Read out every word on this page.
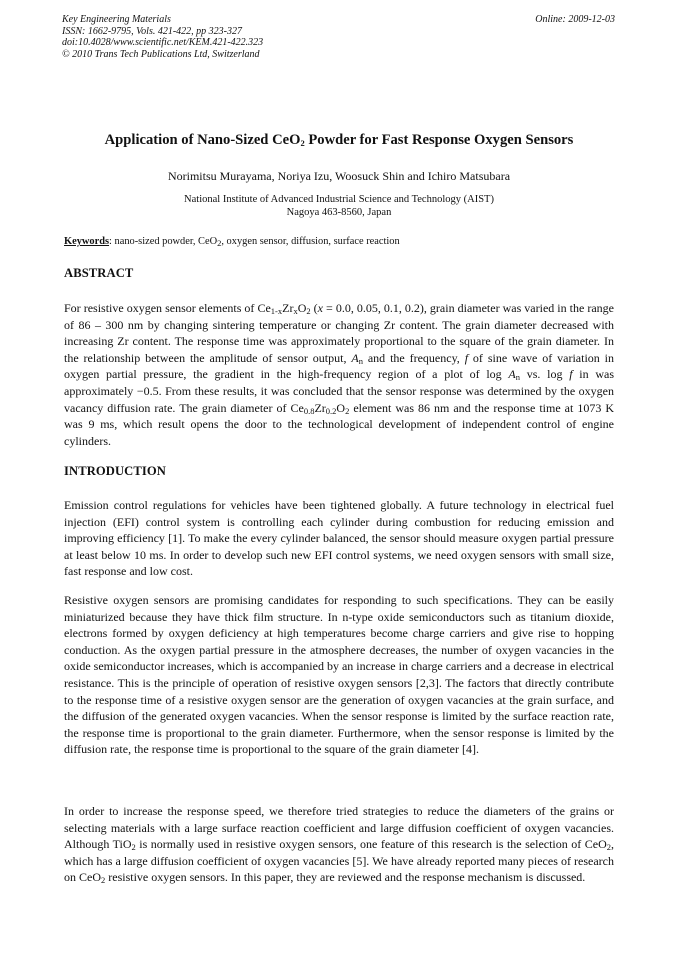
Key Engineering Materials
ISSN: 1662-9795, Vols. 421-422, pp 323-327
doi:10.4028/www.scientific.net/KEM.421-422.323
© 2010 Trans Tech Publications Ltd, Switzerland
Online: 2009-12-03
Application of Nano-Sized CeO$_2$ Powder for Fast Response Oxygen Sensors
Norimitsu Murayama, Noriya Izu, Woosuck Shin and Ichiro Matsubara
National Institute of Advanced Industrial Science and Technology (AIST)
Nagoya 463-8560, Japan
Keywords: nano-sized powder, CeO$_2$, oxygen sensor, diffusion, surface reaction
ABSTRACT

For resistive oxygen sensor elements of $Ce_{1-x}Zr_xO_2$ (x = 0.0, 0.05, 0.1, 0.2), grain diameter was varied in the range of 86 – 300 nm by changing sintering temperature or changing Zr content. The grain diameter decreased with increasing Zr content. The response time was approximately proportional to the square of the grain diameter. In the relationship between the amplitude of sensor output, $A_n$ and the frequency, f of sine wave of variation in oxygen partial pressure, the gradient in the high-frequency region of a plot of $\log A_n$ vs. log f in was approximately −0.5. From these results, it was concluded that the sensor response was determined by the oxygen vacancy diffusion rate. The grain diameter of $Ce_{0.8}Zr_{0.2}O_2$ element was 86 nm and the response time at 1073 K was 9 ms, which result opens the door to the technological development of independent control of engine cylinders.

INTRODUCTION

Emission control regulations for vehicles have been tightened globally. A future technology in electrical fuel injection (EFI) control system is controlling each cylinder during combustion for reducing emission and improving efficiency [1]. To make the every cylinder balanced, the sensor should measure oxygen partial pressure at least below 10 ms. In order to develop such new EFI control systems, we need oxygen sensors with small size, fast response and low cost.

Resistive oxygen sensors are promising candidates for responding to such specifications. They can be easily miniaturized because they have thick film structure. In n-type oxide semiconductors such as titanium dioxide, electrons formed by oxygen deficiency at high temperatures become charge carriers and give rise to hopping conduction. As the oxygen partial pressure in the atmosphere decreases, the number of oxygen vacancies in the oxide semiconductor increases, which is accompanied by an increase in charge carriers and a decrease in electrical resistance. This is the principle of operation of resistive oxygen sensors [2,3]. The factors that directly contribute to the response time of a resistive oxygen sensor are the generation of oxygen vacancies at the grain surface, and the diffusion of the generated oxygen vacancies. When the sensor response is limited by the surface reaction rate, the response time is proportional to the grain diameter. Furthermore, when the sensor response is limited by the diffusion rate, the response time is proportional to the square of the grain diameter [4].

In order to increase the response speed, we therefore tried strategies to reduce the diameters of the grains or selecting materials with a large surface reaction coefficient and large diffusion coefficient of oxygen vacancies. Although TiO$_2$ is normally used in resistive oxygen sensors, one feature of this research is the selection of CeO$_2$, which has a large diffusion coefficient of oxygen vacancies [5]. We have already reported many pieces of research on CeO$_2$ resistive oxygen sensors. In this paper, they are reviewed and the response mechanism is discussed.
